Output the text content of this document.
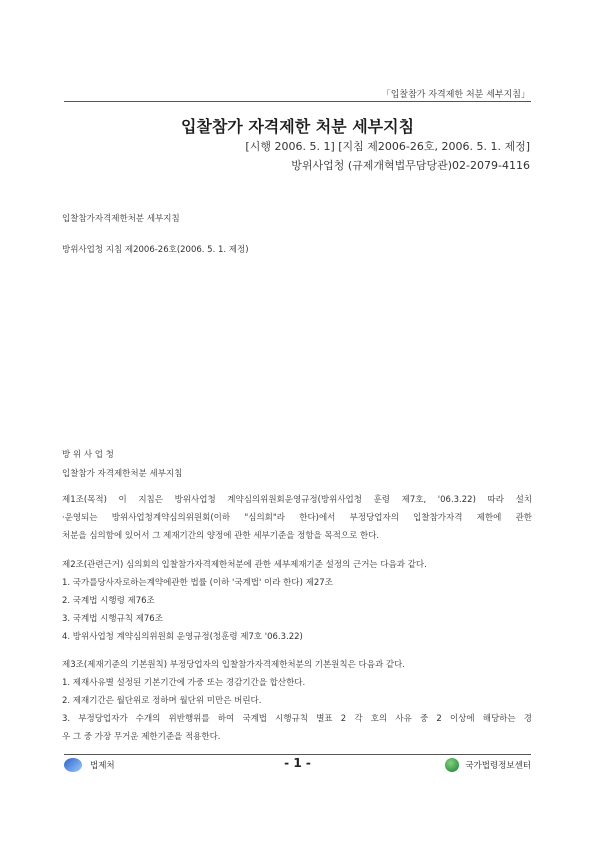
「입찰참가 자격제한 처분 세부지침」
입찰참가 자격제한 처분 세부지침
[시행 2006. 5. 1] [지침 제2006-26호, 2006. 5. 1. 제정]
방위사업청 (규제개혁법무담당관)02-2079-4116
입찰참가자격제한처분 세부지침
방위사업청 지침 제2006-26호(2006. 5. 1. 제정)
방 위 사 업 청
입찰참가 자격제한처분 세부지침
제1조(목적) 이 지침은 방위사업청 계약심의위원회운영규정(방위사업청 훈령 제7호, '06.3.22) 따라 설치
·운영되는 방위사업청계약심의위원회(이하 "심의회"라 한다)에서 부정당업자의 입찰참가자격 제한에 관한
처분을 심의함에 있어서 그 제재기간의 양정에 관한 세부기준을 정함을 목적으로 한다.
제2조(관련근거) 심의회의 입찰참가자격제한처분에 관한 세부제재기준 설정의 근거는 다음과 같다.
1. 국가를당사자로하는계약에관한 법률 (이하 '국계법' 이라 한다) 제27조
2. 국계법 시행령 제76조
3. 국계법 시행규칙 제76조
4. 방위사업청 계약심의위원회 운영규정(청훈령 제7호 '06.3.22)
제3조(제재기준의 기본원칙) 부정당업자의 입찰참가자격제한처분의 기본원칙은 다음과 같다.
1. 제재사유별 설정된 기본기간에 가중 또는 경감기간을 합산한다.
2. 제재기간은 월단위로 정하며 월단위 미만은 버린다.
3. 부정당업자가 수개의 위반행위를 하여 국계법 시행규칙 별표 2 각 호의 사유 중 2 이상에 해당하는 경
우 그 중 가장 무거운 제한기준을 적용한다.
법제처	- 1 -	국가법령정보센터
